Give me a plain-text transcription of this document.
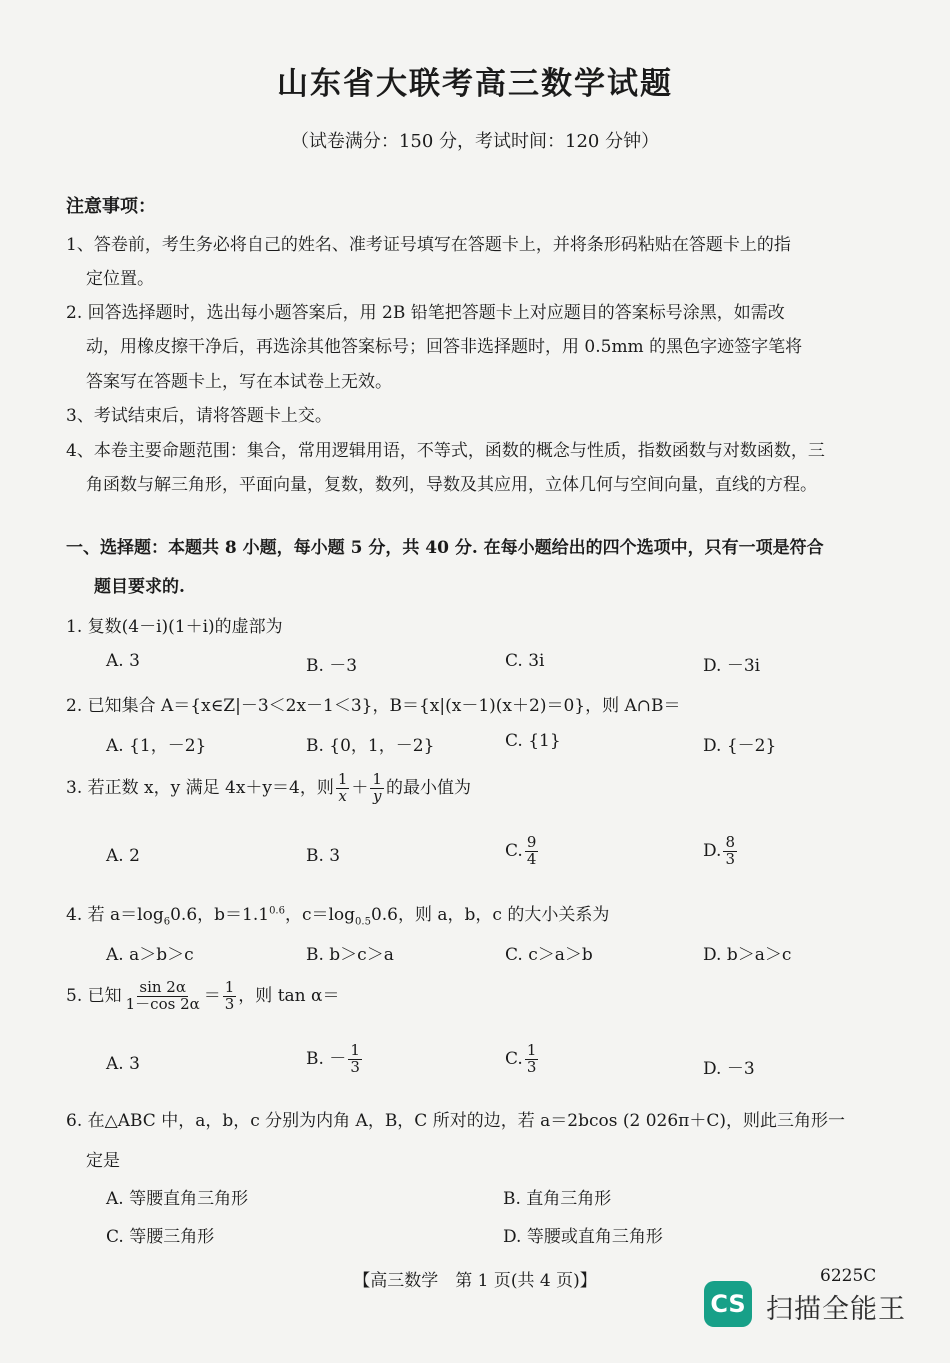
山东省大联考高三数学试题
（试卷满分：150 分，考试时间：120 分钟）
注意事项：
1、答卷前，考生务必将自己的姓名、准考证号填写在答题卡上，并将条形码粘贴在答题卡上的指
定位置。
2. 回答选择题时，选出每小题答案后，用 2B 铅笔把答题卡上对应题目的答案标号涂黑，如需改
动，用橡皮擦干净后，再选涂其他答案标号；回答非选择题时，用 0.5mm 的黑色字迹签字笔将
答案写在答题卡上，写在本试卷上无效。
3、考试结束后，请将答题卡上交。
4、本卷主要命题范围：集合，常用逻辑用语，不等式，函数的概念与性质，指数函数与对数函数，三
角函数与解三角形，平面向量，复数，数列，导数及其应用，立体几何与空间向量，直线的方程。
一、选择题：本题共 8 小题，每小题 5 分，共 40 分. 在每小题给出的四个选项中，只有一项是符合
题目要求的.
1. 复数(4－i)(1＋i)的虚部为
A. 3	B. －3	C. 3i	D. －3i
2. 已知集合 A＝{x∈Z|－3＜2x－1＜3}，B＝{x|(x－1)(x＋2)＝0}，则 A∩B＝
A. {1，－2}	B. {0，1，－2}	C. {1}	D. {－2}
3. 若正数 x，y 满足 4x＋y＝4，则 $\frac{1}{x} + \frac{1}{y}$ 的最小值为
A. 2	B. 3	C. $\frac{9}{4}$	D. $\frac{8}{3}$
4. 若 $a=\log_60.6$，$b=1.1^{0.6}$，$c=\log_{0.5}0.6$，则 a，b，c 的大小关系为
A. a＞b＞c	B. b＞c＞a	C. c＞a＞b	D. b＞a＞c
5. 已知 $\frac{\sin 2\alpha}{1-\cos 2\alpha} = \frac{1}{3}$ ，则 tan α＝
A. 3	B. － $\frac{1}{3}$	C. $\frac{1}{3}$	D. －3
6. 在△ABC 中，a，b，c 分别为内角 A，B，C 所对的边，若 a＝2bcos (2 026π＋C)，则此三角形一
定是
A. 等腰直角三角形	B. 直角三角形
C. 等腰三角形	D. 等腰或直角三角形
【高三数学　第 1 页(共 4 页)】	6225C
CS 扫描全能王
